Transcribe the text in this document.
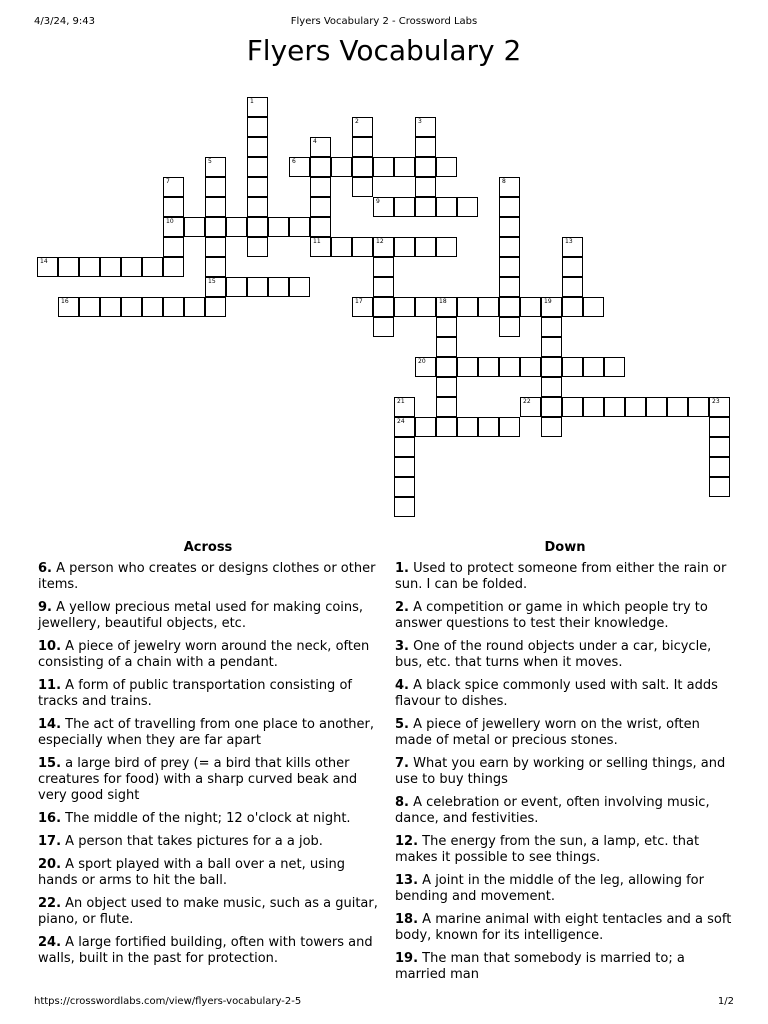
4/3/24, 9:43	Flyers Vocabulary 2 - Crossword Labs
Flyers Vocabulary 2
1
2	3
4
11
5
15
6
7
10
8
9
12	13
14
16	17	18	19
20
21
24
22	23
Across
6. A person who creates or designs clothes or other items.
9. A yellow precious metal used for making coins, jewellery, beautiful objects, etc.
10. A piece of jewelry worn around the neck, often consisting of a chain with a pendant.
11. A form of public transportation consisting of tracks and trains.
14. The act of travelling from one place to another, especially when they are far apart
15. a large bird of prey (= a bird that kills other creatures for food) with a sharp curved beak and very good sight
16. The middle of the night; 12 o'clock at night.
17. A person that takes pictures for a a job.
20. A sport played with a ball over a net, using hands or arms to hit the ball.
22. An object used to make music, such as a guitar, piano, or flute.
24. A large fortified building, often with towers and walls, built in the past for protection.
Down
1. Used to protect someone from either the rain or sun. I can be folded.
2. A competition or game in which people try to answer questions to test their knowledge.
3. One of the round objects under a car, bicycle, bus, etc. that turns when it moves.
4. A black spice commonly used with salt. It adds flavour to dishes.
5. A piece of jewellery worn on the wrist, often made of metal or precious stones.
7. What you earn by working or selling things, and use to buy things
8. A celebration or event, often involving music, dance, and festivities.
12. The energy from the sun, a lamp, etc. that makes it possible to see things.
13. A joint in the middle of the leg, allowing for bending and movement.
18. A marine animal with eight tentacles and a soft body, known for its intelligence.
19. The man that somebody is married to; a married man
https://crosswordlabs.com/view/flyers-vocabulary-2-5	1/2
